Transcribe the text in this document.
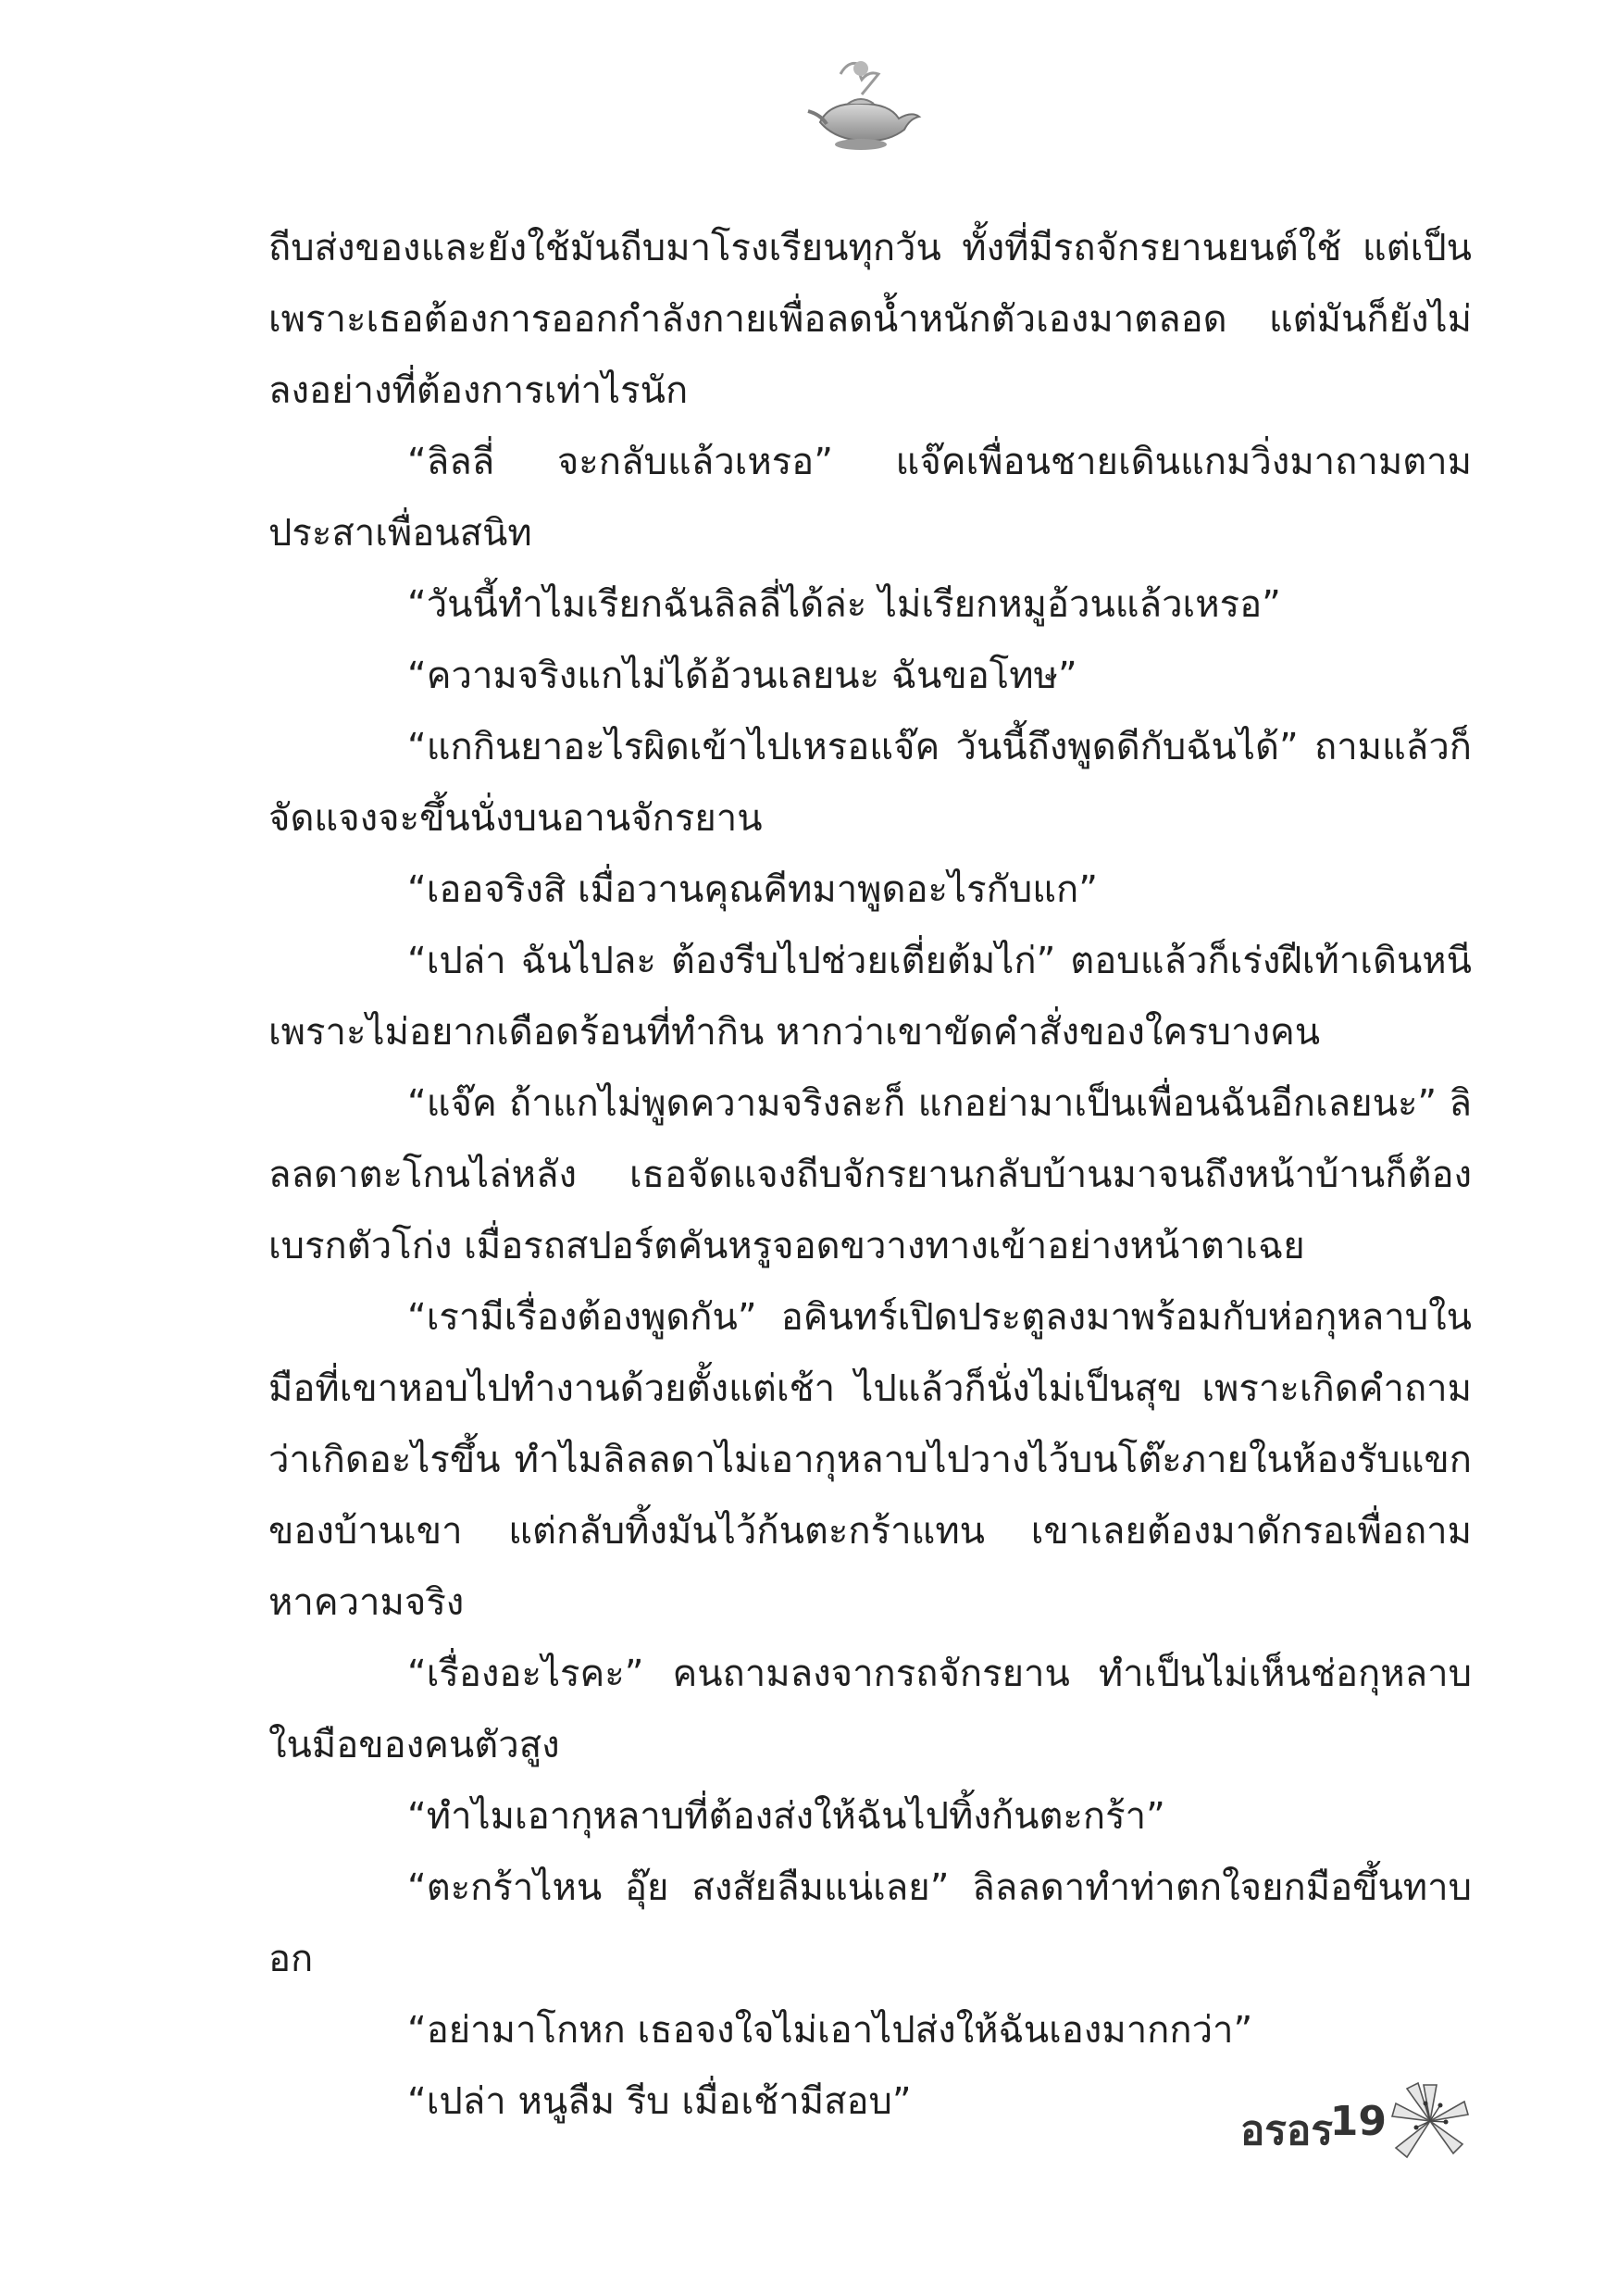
ถีบส่งของและยังใช้มันถีบมาโรงเรียนทุกวัน ทั้งที่มีรถจักรยานยนต์ใช้ แต่เป็นเพราะเธอต้องการออกกำลังกายเพื่อลดน้ำหนักตัวเองมาตลอด แต่มันก็ยังไม่ลงอย่างที่ต้องการเท่าไรนัก

“ลิลลี่ จะกลับแล้วเหรอ” แจ๊คเพื่อนชายเดินแกมวิ่งมาถามตามประสาเพื่อนสนิท

“วันนี้ทำไมเรียกฉันลิลลี่ได้ล่ะ ไม่เรียกหมูอ้วนแล้วเหรอ”

“ความจริงแกไม่ได้อ้วนเลยนะ ฉันขอโทษ”

“แกกินยาอะไรผิดเข้าไปเหรอแจ๊ค วันนี้ถึงพูดดีกับฉันได้” ถามแล้วก็จัดแจงจะขึ้นนั่งบนอานจักรยาน

“เออจริงสิ เมื่อวานคุณคีทมาพูดอะไรกับแก”

“เปล่า ฉันไปละ ต้องรีบไปช่วยเตี่ยต้มไก่” ตอบแล้วก็เร่งฝีเท้าเดินหนีเพราะไม่อยากเดือดร้อนที่ทำกิน หากว่าเขาขัดคำสั่งของใครบางคน

“แจ๊ค ถ้าแกไม่พูดความจริงละก็ แกอย่ามาเป็นเพื่อนฉันอีกเลยนะ” ลิลลดาตะโกนไล่หลัง เธอจัดแจงถีบจักรยานกลับบ้านมาจนถึงหน้าบ้านก็ต้องเบรกตัวโก่ง เมื่อรถสปอร์ตคันหรูจอดขวางทางเข้าอย่างหน้าตาเฉย

“เรามีเรื่องต้องพูดกัน” อคินทร์เปิดประตูลงมาพร้อมกับห่อกุหลาบในมือที่เขาหอบไปทำงานด้วยตั้งแต่เช้า ไปแล้วก็นั่งไม่เป็นสุข เพราะเกิดคำถามว่าเกิดอะไรขึ้น ทำไมลิลลดาไม่เอากุหลาบไปวางไว้บนโต๊ะภายในห้องรับแขกของบ้านเขา แต่กลับทิ้งมันไว้ก้นตะกร้าแทน เขาเลยต้องมาดักรอเพื่อถามหาความจริง

“เรื่องอะไรคะ” คนถามลงจากรถจักรยาน ทำเป็นไม่เห็นช่อกุหลาบในมือของคนตัวสูง

“ทำไมเอากุหลาบที่ต้องส่งให้ฉันไปทิ้งก้นตะกร้า”

“ตะกร้าไหน อุ๊ย สงสัยลืมแน่เลย” ลิลลดาทำท่าตกใจยกมือขึ้นทาบอก

“อย่ามาโกหก เธอจงใจไม่เอาไปส่งให้ฉันเองมากกว่า”

“เปล่า หนูลืม รีบ เมื่อเช้ามีสอบ”

อรอร
19
